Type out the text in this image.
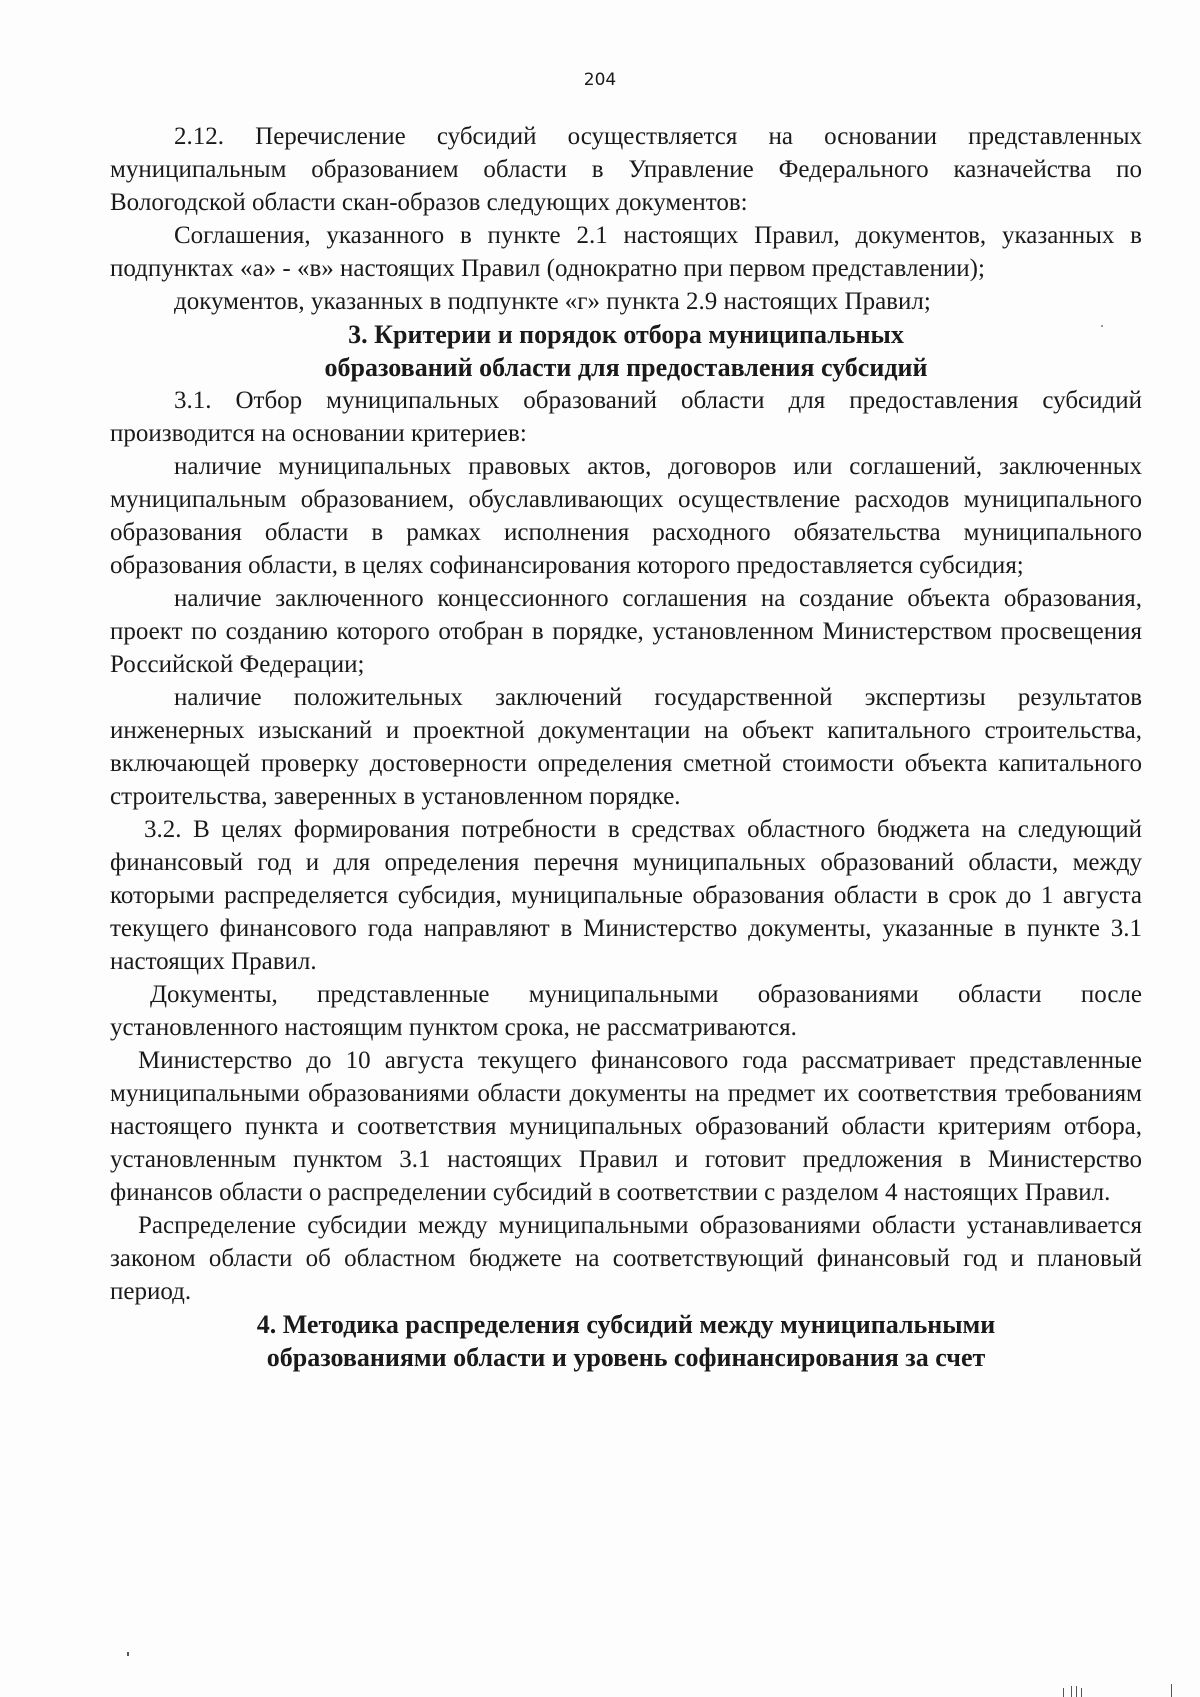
204

2.12. Перечисление субсидий осуществляется на основании представленных муниципальным образованием области в Управление Федерального казначейства по Вологодской области скан-образов следующих документов:

Соглашения, указанного в пункте 2.1 настоящих Правил, документов, указанных в подпунктах «а» - «в» настоящих Правил (однократно при первом представлении);

документов, указанных в подпункте «г» пункта 2.9 настоящих Правил;

3. Критерии и порядок отбора муниципальных
образований области для предоставления субсидий

3.1. Отбор муниципальных образований области для предоставления субсидий производится на основании критериев:

наличие муниципальных правовых актов, договоров или соглашений, заключенных муниципальным образованием, обуславливающих осуществление расходов муниципального образования области в рамках исполнения расходного обязательства муниципального образования области, в целях софинансирования которого предоставляется субсидия;

наличие заключенного концессионного соглашения на создание объекта образования, проект по созданию которого отобран в порядке, установленном Министерством просвещения Российской Федерации;

наличие положительных заключений государственной экспертизы результатов инженерных изысканий и проектной документации на объект капитального строительства, включающей проверку достоверности определения сметной стоимости объекта капитального строительства, заверенных в установленном порядке.

3.2. В целях формирования потребности в средствах областного бюджета на следующий финансовый год и для определения перечня муниципальных образований области, между которыми распределяется субсидия, муниципальные образования области в срок до 1 августа текущего финансового года направляют в Министерство документы, указанные в пункте 3.1 настоящих Правил.

Документы, представленные муниципальными образованиями области после установленного настоящим пунктом срока, не рассматриваются.

Министерство до 10 августа текущего финансового года рассматривает представленные муниципальными образованиями области документы на предмет их соответствия требованиям настоящего пункта и соответствия муниципальных образований области критериям отбора, установленным пунктом 3.1 настоящих Правил и готовит предложения в Министерство финансов области о распределении субсидий в соответствии с разделом 4 настоящих Правил.

Распределение субсидии между муниципальными образованиями области устанавливается законом области об областном бюджете на соответствующий финансовый год и плановый период.

4. Методика распределения субсидий между муниципальными
образованиями области и уровень софинансирования за счет
